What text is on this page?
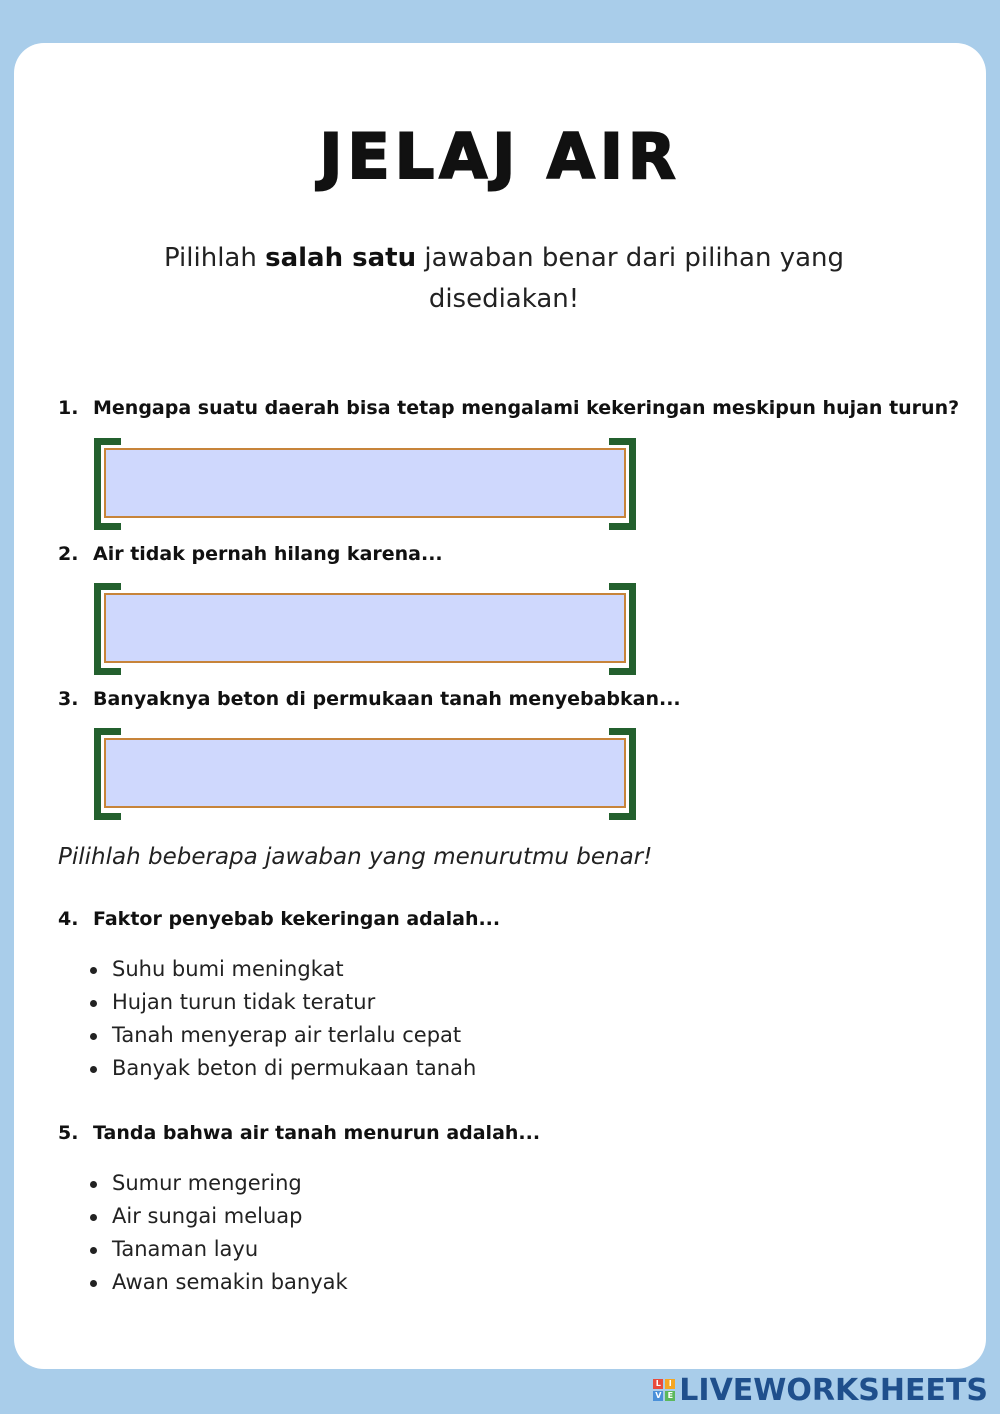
JELAJ AIR
Pilihlah salah satu jawaban benar dari pilihan yang disediakan!
1. Mengapa suatu daerah bisa tetap mengalami kekeringan meskipun hujan turun?
2. Air tidak pernah hilang karena...
3. Banyaknya beton di permukaan tanah menyebabkan...
Pilihlah beberapa jawaban yang menurutmu benar!
4. Faktor penyebab kekeringan adalah...
Suhu bumi meningkat
Hujan turun tidak teratur
Tanah menyerap air terlalu cepat
Banyak beton di permukaan tanah
5. Tanda bahwa air tanah menurun adalah...
Sumur mengering
Air sungai meluap
Tanaman layu
Awan semakin banyak
L I
V E LIVEWORKSHEETS
